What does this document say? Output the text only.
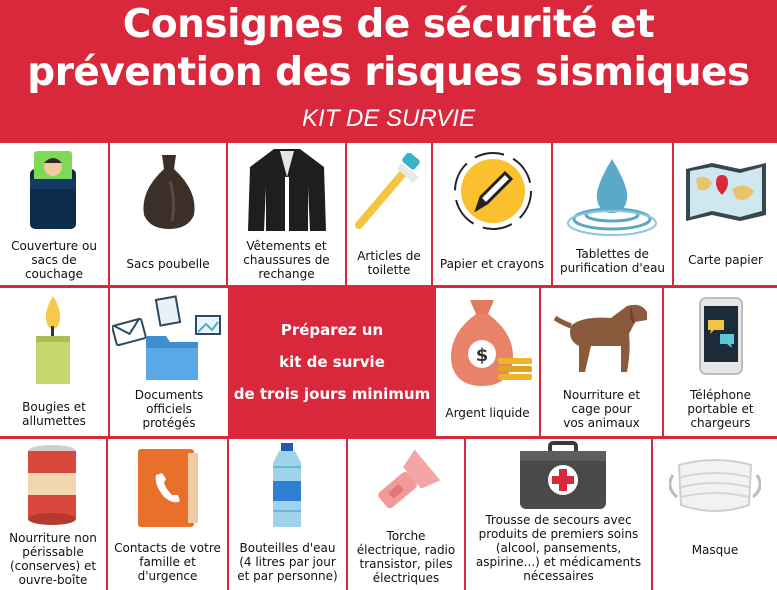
Consignes de sécurité et
prévention des risques sismiques
KIT DE SURVIE
Couverture ou
sacs de
couchage
Sacs poubelle
Vêtements et
chaussures de
rechange
Articles de
toilette	Papier et crayons
Tablettes de
purification d'eau
Carte papier
Bougies et
allumettes
Documents
officiels
protégés
Préparez un
kit de survie
de trois jours minimum
$
Argent liquide
Nourriture et
cage pour
vos animaux
Téléphone
portable et
chargeurs
Nourriture non
périssable
(conserves) et
ouvre-boîte
Contacts de votre
famille et
d'urgence
Bouteilles d'eau
(4 litres par jour
et par personne)
Torche
électrique, radio
transistor, piles
électriques
Trousse de secours avec
produits de premiers soins
(alcool, pansements,
aspirine...) et médicaments
nécessaires
Masque
